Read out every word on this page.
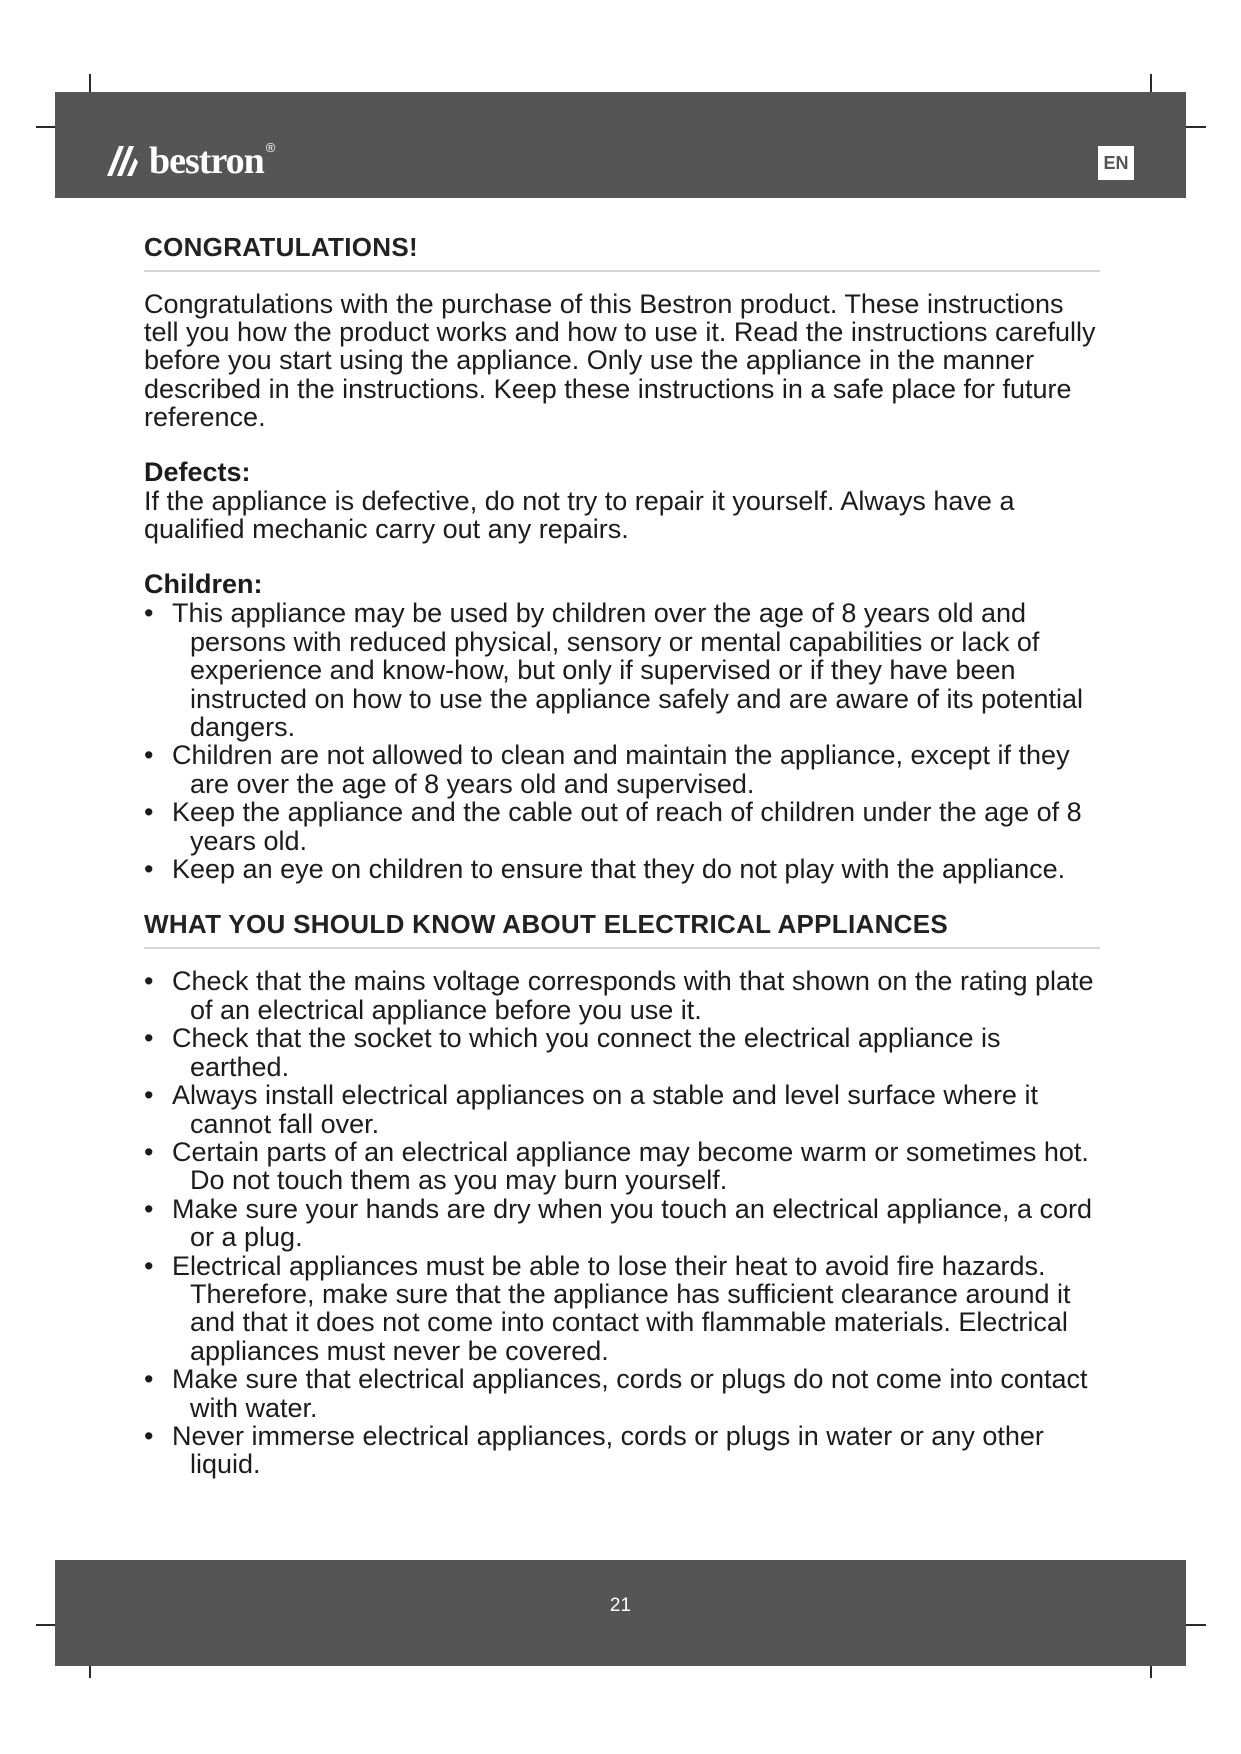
bestron ®
EN
CONGRATULATIONS!

Congratulations with the purchase of this Bestron product. These instructions tell you how the product works and how to use it. Read the instructions carefully before you start using the appliance. Only use the appliance in the manner described in the instructions. Keep these instructions in a safe place for future reference.

Defects:

If the appliance is defective, do not try to repair it yourself. Always have a qualified mechanic carry out any repairs.

Children:

• This appliance may be used by children over the age of 8 years old and persons with reduced physical, sensory or mental capabilities or lack of experience and know-how, but only if supervised or if they have been instructed on how to use the appliance safely and are aware of its potential dangers.
• Children are not allowed to clean and maintain the appliance, except if they are over the age of 8 years old and supervised.
• Keep the appliance and the cable out of reach of children under the age of 8 years old.
• Keep an eye on children to ensure that they do not play with the appliance.
WHAT YOU SHOULD KNOW ABOUT ELECTRICAL APPLIANCES
• Check that the mains voltage corresponds with that shown on the rating plate of an electrical appliance before you use it.
• Check that the socket to which you connect the electrical appliance is earthed.
• Always install electrical appliances on a stable and level surface where it cannot fall over.
• Certain parts of an electrical appliance may become warm or sometimes hot. Do not touch them as you may burn yourself.
• Make sure your hands are dry when you touch an electrical appliance, a cord or a plug.
• Electrical appliances must be able to lose their heat to avoid fire hazards. Therefore, make sure that the appliance has sufficient clearance around it and that it does not come into contact with flammable materials. Electrical appliances must never be covered.
• Make sure that electrical appliances, cords or plugs do not come into contact with water.
• Never immerse electrical appliances, cords or plugs in water or any other liquid.
21
